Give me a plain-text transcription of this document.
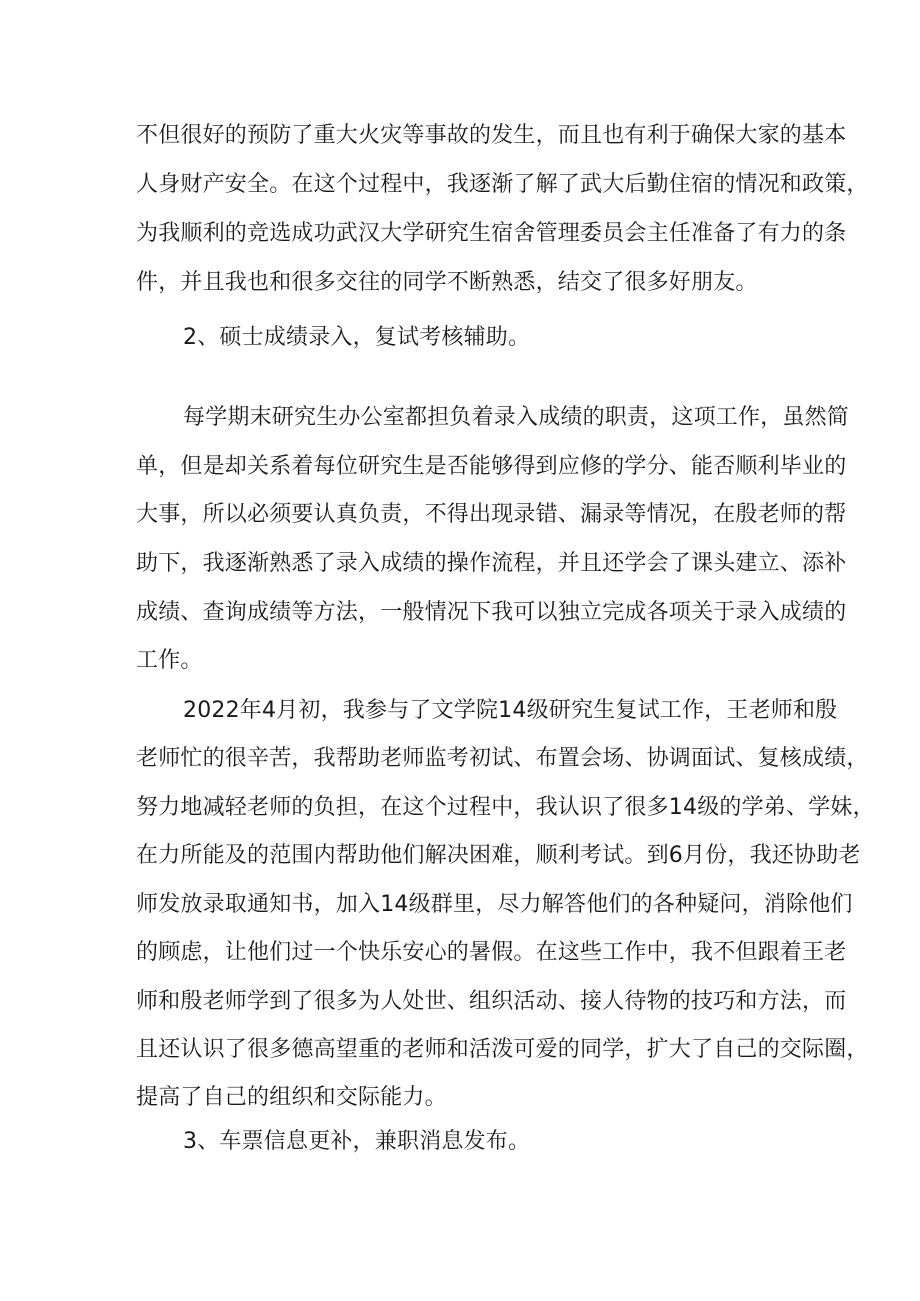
不但很好的预防了重大火灾等事故的发生，而且也有利于确保大家的基本
人身财产安全。在这个过程中，我逐渐了解了武大后勤住宿的情况和政策，
为我顺利的竞选成功武汉大学研究生宿舍管理委员会主任准备了有力的条
件，并且我也和很多交往的同学不断熟悉，结交了很多好朋友。
2、硕士成绩录入，复试考核辅助。
每学期末研究生办公室都担负着录入成绩的职责，这项工作，虽然简
单，但是却关系着每位研究生是否能够得到应修的学分、能否顺利毕业的
大事，所以必须要认真负责，不得出现录错、漏录等情况，在殷老师的帮
助下，我逐渐熟悉了录入成绩的操作流程，并且还学会了课头建立、添补
成绩、查询成绩等方法，一般情况下我可以独立完成各项关于录入成绩的
工作。
2022年4月初，我参与了文学院14级研究生复试工作，王老师和殷
老师忙的很辛苦，我帮助老师监考初试、布置会场、协调面试、复核成绩，
努力地减轻老师的负担，在这个过程中，我认识了很多14级的学弟、学妹，
在力所能及的范围内帮助他们解决困难，顺利考试。到6月份，我还协助老
师发放录取通知书，加入14级群里，尽力解答他们的各种疑问，消除他们
的顾虑，让他们过一个快乐安心的暑假。在这些工作中，我不但跟着王老
师和殷老师学到了很多为人处世、组织活动、接人待物的技巧和方法，而
且还认识了很多德高望重的老师和活泼可爱的同学，扩大了自己的交际圈，
提高了自己的组织和交际能力。
3、车票信息更补，兼职消息发布。
